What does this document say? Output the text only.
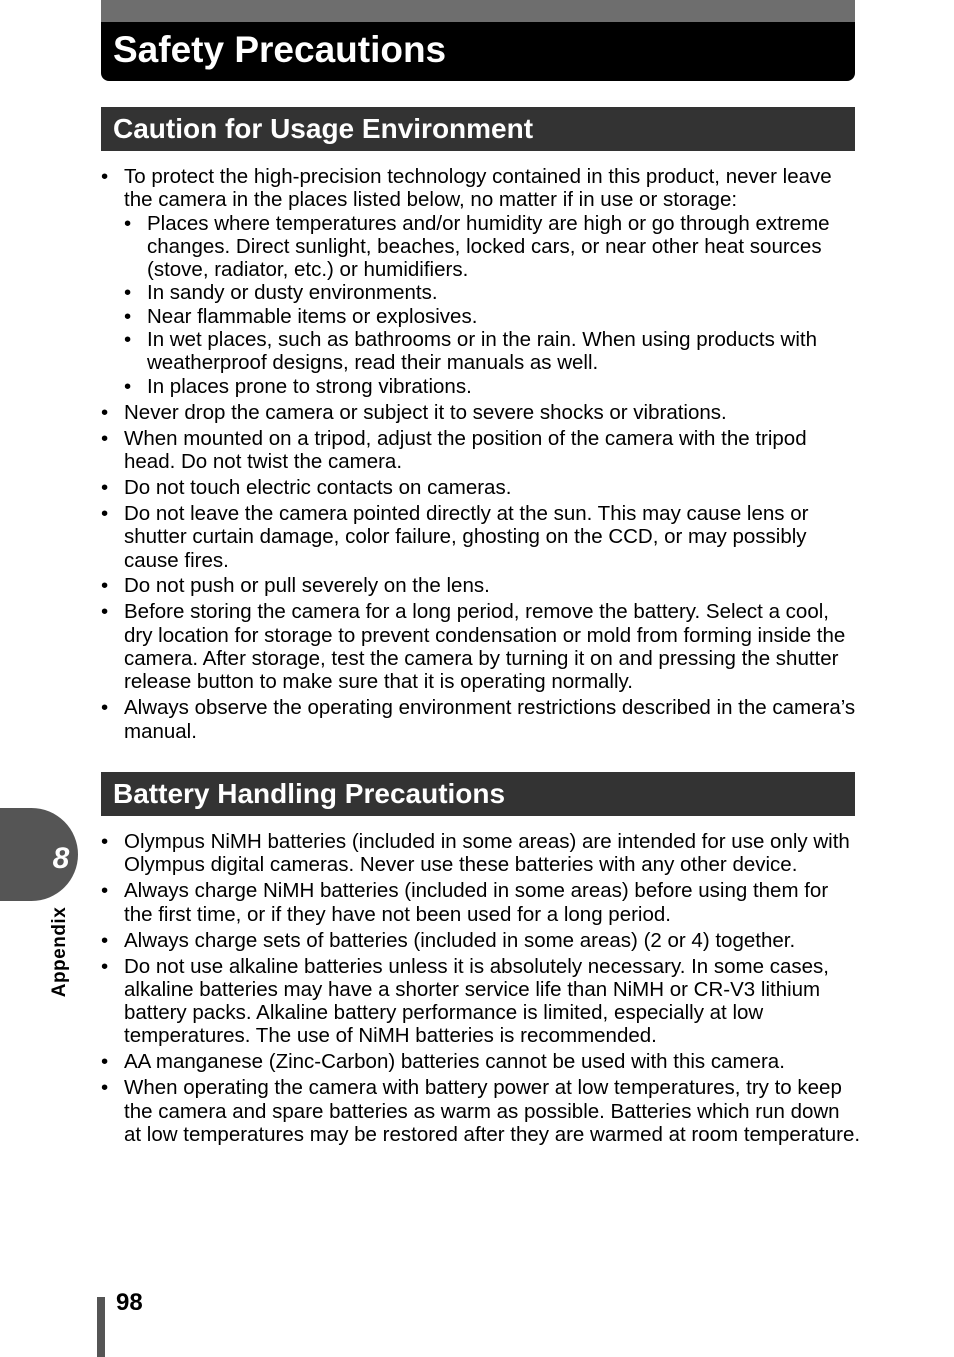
Safety Precautions
Caution for Usage Environment
• To protect the high-precision technology contained in this product, never leave the camera in the places listed below, no matter if in use or storage:
• Places where temperatures and/or humidity are high or go through extreme changes. Direct sunlight, beaches, locked cars, or near other heat sources (stove, radiator, etc.) or humidifiers.
• In sandy or dusty environments.
• Near flammable items or explosives.
• In wet places, such as bathrooms or in the rain. When using products with weatherproof designs, read their manuals as well.
• In places prone to strong vibrations.
• Never drop the camera or subject it to severe shocks or vibrations.
• When mounted on a tripod, adjust the position of the camera with the tripod head. Do not twist the camera.
• Do not touch electric contacts on cameras.
• Do not leave the camera pointed directly at the sun. This may cause lens or shutter curtain damage, color failure, ghosting on the CCD, or may possibly cause fires.
• Do not push or pull severely on the lens.
• Before storing the camera for a long period, remove the battery. Select a cool, dry location for storage to prevent condensation or mold from forming inside the camera. After storage, test the camera by turning it on and pressing the shutter release button to make sure that it is operating normally.
• Always observe the operating environment restrictions described in the camera’s manual.
Battery Handling Precautions
• Olympus NiMH batteries (included in some areas) are intended for use only with Olympus digital cameras. Never use these batteries with any other device.
• Always charge NiMH batteries (included in some areas) before using them for the first time, or if they have not been used for a long period.
• Always charge sets of batteries (included in some areas) (2 or 4) together.
• Do not use alkaline batteries unless it is absolutely necessary. In some cases, alkaline batteries may have a shorter service life than NiMH or CR-V3 lithium battery packs. Alkaline battery performance is limited, especially at low temperatures. The use of NiMH batteries is recommended.
• AA manganese (Zinc-Carbon) batteries cannot be used with this camera.
• When operating the camera with battery power at low temperatures, try to keep the camera and spare batteries as warm as possible. Batteries which run down at low temperatures may be restored after they are warmed at room temperature.
8
Appendix
98
